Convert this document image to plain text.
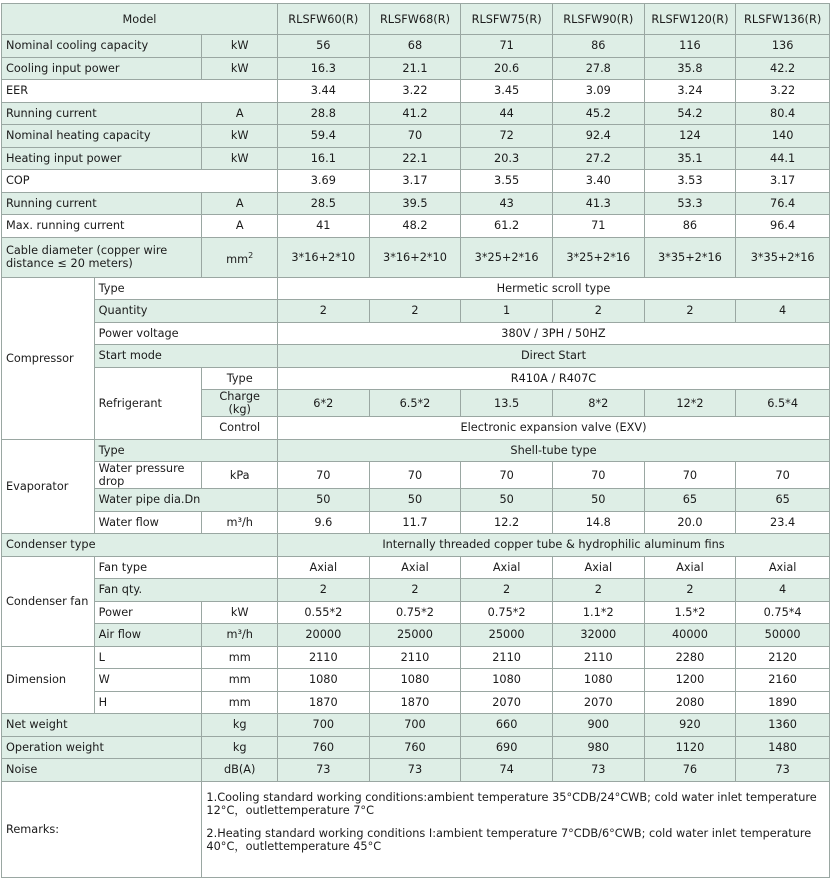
Model			RLSFW60(R)	RLSFW68(R)	RLSFW75(R)	RLSFW90(R)	RLSFW120(R)	RLSFW136(R)
Nominal cooling capacity		kW	56	68	71	86	116	136
Cooling input power		kW	16.3	21.1	20.6	27.8	35.8	42.2
EER			3.44	3.22	3.45	3.09	3.24	3.22
Running current		A	28.8	41.2	44	45.2	54.2	80.4
Nominal heating capacity		kW	59.4	70	72	92.4	124	140
Heating input power		kW	16.1	22.1	20.3	27.2	35.1	44.1
COP			3.69	3.17	3.55	3.40	3.53	3.17
Running current		A	28.5	39.5	43	41.3	53.3	76.4
Max. running current		A	41	48.2	61.2	71	86	96.4
Cable diameter (copper wire distance ≤ 20 meters)		$mm^2$	3*16+2*10	3*16+2*10	3*25+2*16	3*25+2*16	3*35+2*16	3*35+2*16
Compressor	Type		Hermetic scroll type					
	Quantity		2	2	1	2	2	4
	Power voltage		380V / 3PH / 50HZ					
	Start mode		Direct Start					
	Refrigerant	Type	R410A / R407C					
		Charge (kg)	6*2	6.5*2	13.5	8*2	12*2	6.5*4
		Control	Electronic expansion valve (EXV)					
Evaporator	Type		Shell-tube type					
	Water pressure drop	kPa	70	70	70	70	70	70
	Water pipe dia.Dn		50	50	50	50	65	65
	Water flow	m³/h	9.6	11.7	12.2	14.8	20.0	23.4
Condenser type			Internally threaded copper tube & hydrophilic aluminum fins					
Condenser fan	Fan type		Axial	Axial	Axial	Axial	Axial	Axial
	Fan qty.		2	2	2	2	2	4
	Power	kW	0.55*2	0.75*2	0.75*2	1.1*2	1.5*2	0.75*4
	Air flow	m³/h	20000	25000	25000	32000	40000	50000
Dimension	L	mm	2110	2110	2110	2110	2280	2120
	W	mm	1080	1080	1080	1080	1200	2160
	H	mm	1870	1870	2070	2070	2080	1890
Net weight		kg	700	700	660	900	920	1360
Operation weight		kg	760	760	690	980	1120	1480
Noise		dB(A)	73	73	74	73	76	73
Remarks:		1.Cooling standard working conditions:ambient temperature 35°CDB/24°CWB; cold water inlet temperature 12°C，outlettemperature 7°C
2.Heating standard working conditions I:ambient temperature 7°CDB/6°CWB; cold water inlet temperature 40°C，outlettemperature 45°C						
